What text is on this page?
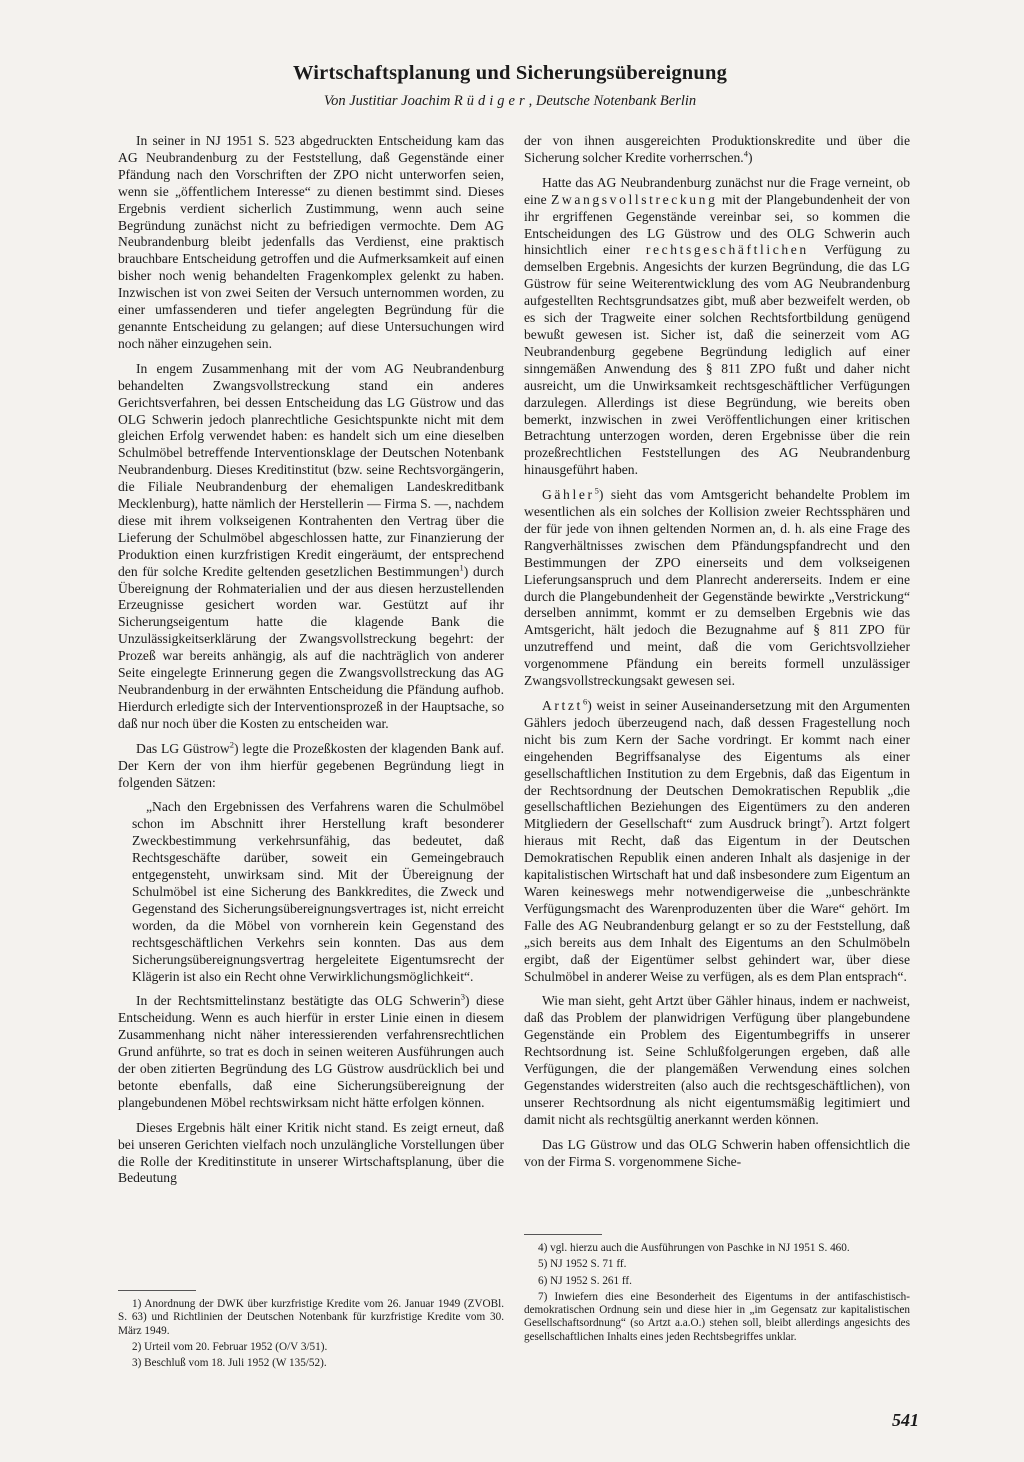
Wirtschaftsplanung und Sicherungsübereignung
Von Justitiar Joachim Rüdiger, Deutsche Notenbank Berlin

In seiner in NJ 1951 S. 523 abgedruckten Entscheidung kam das AG Neubrandenburg zu der Feststellung, daß Gegenstände einer Pfändung nach den Vorschriften der ZPO nicht unterworfen seien, wenn sie „öffentlichem Interesse“ zu dienen bestimmt sind. Dieses Ergebnis verdient sicherlich Zustimmung, wenn auch seine Begründung zunächst nicht zu befriedigen vermochte. Dem AG Neubrandenburg bleibt jedenfalls das Verdienst, eine praktisch brauchbare Entscheidung getroffen und die Aufmerksamkeit auf einen bisher noch wenig behandelten Fragenkomplex gelenkt zu haben. Inzwischen ist von zwei Seiten der Versuch unternommen worden, zu einer umfassenderen und tiefer angelegten Begründung für die genannte Entscheidung zu gelangen; auf diese Untersuchungen wird noch näher einzugehen sein.

In engem Zusammenhang mit der vom AG Neubrandenburg behandelten Zwangsvollstreckung stand ein anderes Gerichtsverfahren, bei dessen Entscheidung das LG Güstrow und das OLG Schwerin jedoch planrechtliche Gesichtspunkte nicht mit dem gleichen Erfolg verwendet haben: es handelt sich um eine dieselben Schulmöbel betreffende Interventionsklage der Deutschen Notenbank Neubrandenburg. Dieses Kreditinstitut (bzw. seine Rechtsvorgängerin, die Filiale Neubrandenburg der ehemaligen Landeskreditbank Mecklenburg), hatte nämlich der Herstellerin — Firma S. —, nachdem diese mit ihrem volkseigenen Kontrahenten den Vertrag über die Lieferung der Schulmöbel abgeschlossen hatte, zur Finanzierung der Produktion einen kurzfristigen Kredit eingeräumt, der entsprechend den für solche Kredite geltenden gesetzlichen Bestimmungen$^1$) durch Übereignung der Rohmaterialien und der aus diesen herzustellenden Erzeugnisse gesichert worden war. Gestützt auf ihr Sicherungseigentum hatte die klagende Bank die Unzulässigkeitserklärung der Zwangsvollstreckung begehrt: der Prozeß war bereits anhängig, als auf die nachträglich von anderer Seite eingelegte Erinnerung gegen die Zwangsvollstreckung das AG Neubrandenburg in der erwähnten Entscheidung die Pfändung aufhob. Hierdurch erledigte sich der Interventionsprozeß in der Hauptsache, so daß nur noch über die Kosten zu entscheiden war.

Das LG Güstrow$^2$) legte die Prozeßkosten der klagenden Bank auf. Der Kern der von ihm hierfür gegebenen Begründung liegt in folgenden Sätzen:

„Nach den Ergebnissen des Verfahrens waren die Schulmöbel schon im Abschnitt ihrer Herstellung kraft besonderer Zweckbestimmung verkehrsunfähig, das bedeutet, daß Rechtsgeschäfte darüber, soweit ein Gemeingebrauch entgegensteht, unwirksam sind. Mit der Übereignung der Schulmöbel ist eine Sicherung des Bankkredites, die Zweck und Gegenstand des Sicherungsübereignungsvertrages ist, nicht erreicht worden, da die Möbel von vornherein kein Gegenstand des rechtsgeschäftlichen Verkehrs sein konnten. Das aus dem Sicherungsübereignungsvertrag hergeleitete Eigentumsrecht der Klägerin ist also ein Recht ohne Verwirklichungsmöglichkeit“.

In der Rechtsmittelinstanz bestätigte das OLG Schwerin$^3$) diese Entscheidung. Wenn es auch hierfür in erster Linie einen in diesem Zusammenhang nicht näher interessierenden verfahrensrechtlichen Grund anführte, so trat es doch in seinen weiteren Ausführungen auch der oben zitierten Begründung des LG Güstrow ausdrücklich bei und betonte ebenfalls, daß eine Sicherungsübereignung der plangebundenen Möbel rechtswirksam nicht hätte erfolgen können.

Dieses Ergebnis hält einer Kritik nicht stand. Es zeigt erneut, daß bei unseren Gerichten vielfach noch unzulängliche Vorstellungen über die Rolle der Kreditinstitute in unserer Wirtschaftsplanung, über die Bedeutung

der von ihnen ausgereichten Produktionskredite und über die Sicherung solcher Kredite vorherrschen.$^4$)

Hatte das AG Neubrandenburg zunächst nur die Frage verneint, ob eine Zwangsvollstreckung mit der Plangebundenheit der von ihr ergriffenen Gegenstände vereinbar sei, so kommen die Entscheidungen des LG Güstrow und des OLG Schwerin auch hinsichtlich einer rechtsgeschäftlichen Verfügung zu demselben Ergebnis. Angesichts der kurzen Begründung, die das LG Güstrow für seine Weiterentwicklung des vom AG Neubrandenburg aufgestellten Rechtsgrundsatzes gibt, muß aber bezweifelt werden, ob es sich der Tragweite einer solchen Rechtsfortbildung genügend bewußt gewesen ist. Sicher ist, daß die seinerzeit vom AG Neubrandenburg gegebene Begründung lediglich auf einer sinngemäßen Anwendung des § 811 ZPO fußt und daher nicht ausreicht, um die Unwirksamkeit rechtsgeschäftlicher Verfügungen darzulegen. Allerdings ist diese Begründung, wie bereits oben bemerkt, inzwischen in zwei Veröffentlichungen einer kritischen Betrachtung unterzogen worden, deren Ergebnisse über die rein prozeßrechtlichen Feststellungen des AG Neubrandenburg hinausgeführt haben.

Gähler$^5$) sieht das vom Amtsgericht behandelte Problem im wesentlichen als ein solches der Kollision zweier Rechtssphären und der für jede von ihnen geltenden Normen an, d. h. als eine Frage des Rangverhältnisses zwischen dem Pfändungspfandrecht und den Bestimmungen der ZPO einerseits und dem volkseigenen Lieferungsanspruch und dem Planrecht andererseits. Indem er eine durch die Plangebundenheit der Gegenstände bewirkte „Verstrickung“ derselben annimmt, kommt er zu demselben Ergebnis wie das Amtsgericht, hält jedoch die Bezugnahme auf § 811 ZPO für unzutreffend und meint, daß die vom Gerichtsvollzieher vorgenommene Pfändung ein bereits formell unzulässiger Zwangsvollstreckungsakt gewesen sei.

Artzt$^6$) weist in seiner Auseinandersetzung mit den Argumenten Gählers jedoch überzeugend nach, daß dessen Fragestellung noch nicht bis zum Kern der Sache vordringt. Er kommt nach einer eingehenden Begriffsanalyse des Eigentums als einer gesellschaftlichen Institution zu dem Ergebnis, daß das Eigentum in der Rechtsordnung der Deutschen Demokratischen Republik „die gesellschaftlichen Beziehungen des Eigentümers zu den anderen Mitgliedern der Gesellschaft“ zum Ausdruck bringt$^7$). Artzt folgert hieraus mit Recht, daß das Eigentum in der Deutschen Demokratischen Republik einen anderen Inhalt als dasjenige in der kapitalistischen Wirtschaft hat und daß insbesondere zum Eigentum an Waren keineswegs mehr notwendigerweise die „unbeschränkte Verfügungsmacht des Warenproduzenten über die Ware“ gehört. Im Falle des AG Neubrandenburg gelangt er so zu der Feststellung, daß „sich bereits aus dem Inhalt des Eigentums an den Schulmöbeln ergibt, daß der Eigentümer selbst gehindert war, über diese Schulmöbel in anderer Weise zu verfügen, als es dem Plan entsprach“.

Wie man sieht, geht Artzt über Gähler hinaus, indem er nachweist, daß das Problem der planwidrigen Verfügung über plangebundene Gegenstände ein Problem des Eigentumbegriffs in unserer Rechtsordnung ist. Seine Schlußfolgerungen ergeben, daß alle Verfügungen, die der plangemäßen Verwendung eines solchen Gegenstandes widerstreiten (also auch die rechtsgeschäftlichen), von unserer Rechtsordnung als nicht eigentumsmäßig legitimiert und damit nicht als rechtsgültig anerkannt werden können.

Das LG Güstrow und das OLG Schwerin haben offensichtlich die von der Firma S. vorgenommene Siche-

1) Anordnung der DWK über kurzfristige Kredite vom 26. Januar 1949 (ZVOBl. S. 63) und Richtlinien der Deutschen Notenbank für kurzfristige Kredite vom 30. März 1949.

2) Urteil vom 20. Februar 1952 (O/V 3/51).

3) Beschluß vom 18. Juli 1952 (W 135/52).

4) vgl. hierzu auch die Ausführungen von Paschke in NJ 1951 S. 460.

5) NJ 1952 S. 71 ff.

6) NJ 1952 S. 261 ff.

7) Inwiefern dies eine Besonderheit des Eigentums in der antifaschistisch-demokratischen Ordnung sein und diese hier in „im Gegensatz zur kapitalistischen Gesellschaftsordnung“ (so Artzt a.a.O.) stehen soll, bleibt allerdings angesichts des gesellschaftlichen Inhalts eines jeden Rechtsbegriffes unklar.

541
